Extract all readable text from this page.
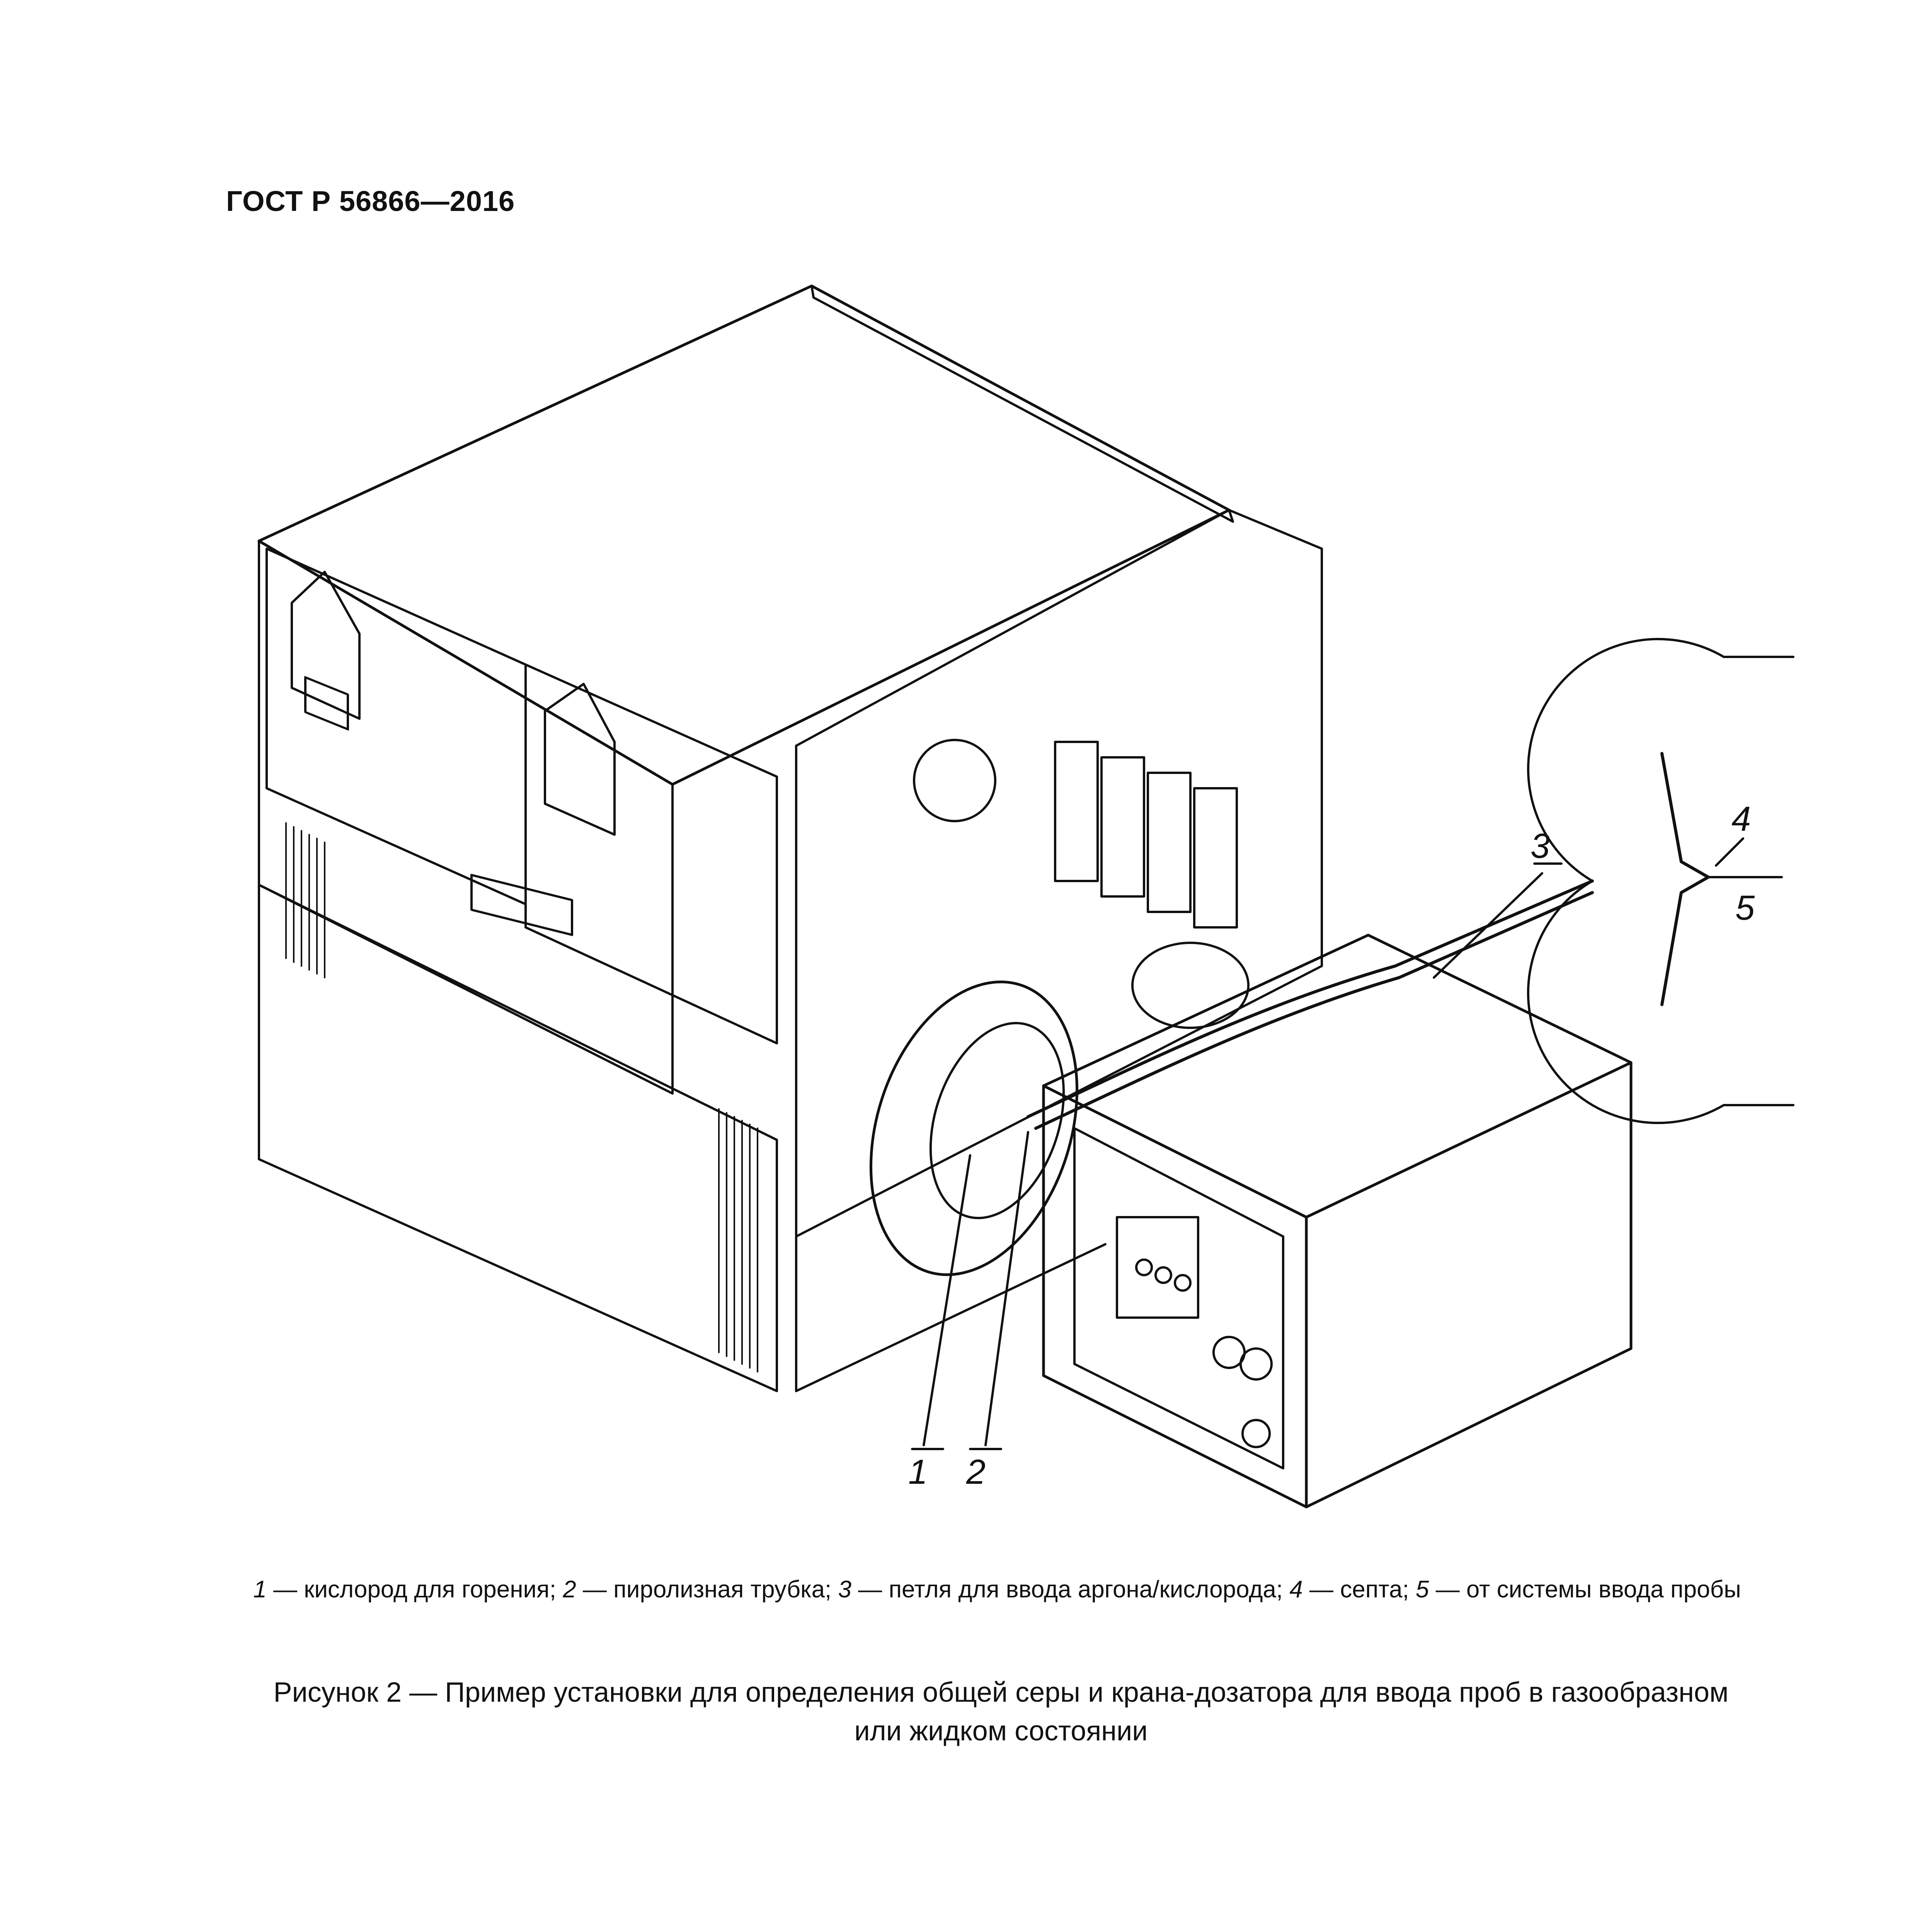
ГОСТ Р 56866—2016
1 2
3
4
5
1 — кислород для горения; 2 — пиролизная трубка; 3 — петля для ввода аргона/кислорода; 4 — септа; 5 — от системы ввода пробы
Рисунок 2 — Пример установки для определения общей серы и крана-дозатора для ввода проб в газообразном
или жидком состоянии
